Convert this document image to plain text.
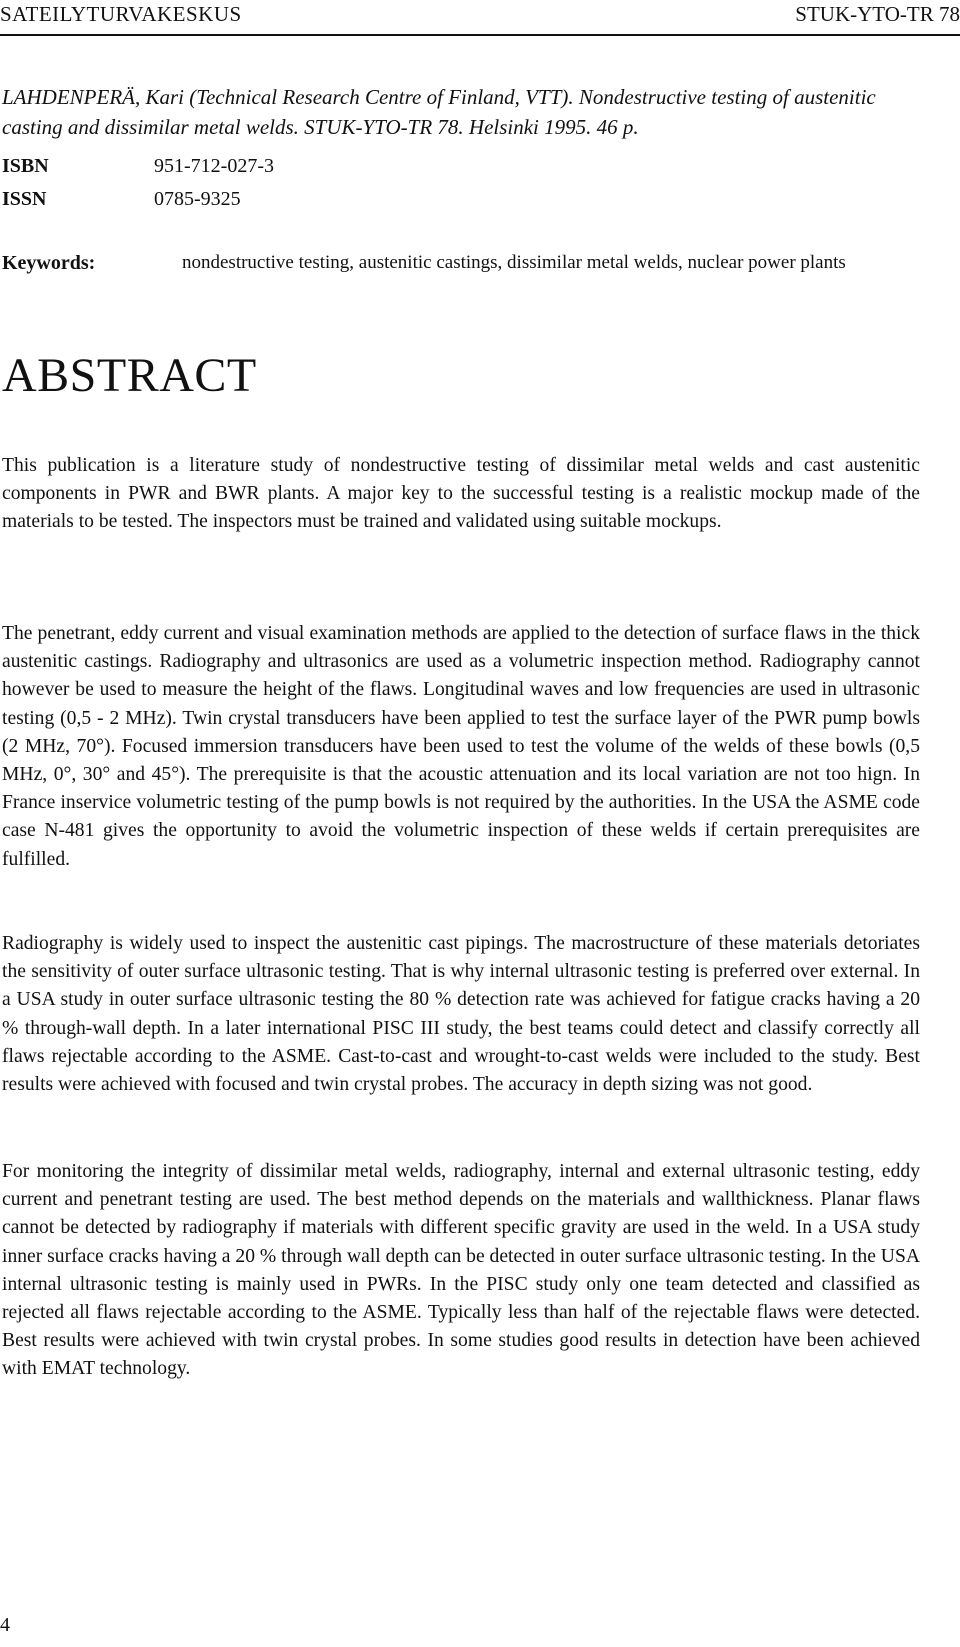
SATEILYTURVAKESKUS	STUK-YTO-TR 78
LAHDENPERÄ, Kari (Technical Research Centre of Finland, VTT). Nondestructive testing of austenitic casting and dissimilar metal welds. STUK-YTO-TR 78. Helsinki 1995. 46 p.
ISBN	951-712-027-3
ISSN	0785-9325
Keywords:	nondestructive testing, austenitic castings, dissimilar metal welds, nuclear power plants
ABSTRACT

This publication is a literature study of nondestructive testing of dissimilar metal welds and cast austenitic components in PWR and BWR plants. A major key to the successful testing is a realistic mockup made of the materials to be tested. The inspectors must be trained and validated using suitable mockups.

The penetrant, eddy current and visual examination methods are applied to the detection of surface flaws in the thick austenitic castings. Radiography and ultrasonics are used as a volumetric inspection method. Radiography cannot however be used to measure the height of the flaws. Longitudinal waves and low frequencies are used in ultrasonic testing (0,5 - 2 MHz). Twin crystal transducers have been applied to test the surface layer of the PWR pump bowls (2 MHz, 70°). Focused immersion transducers have been used to test the volume of the welds of these bowls (0,5 MHz, 0°, 30° and 45°). The prerequisite is that the acoustic attenuation and its local variation are not too hign. In France inservice volumetric testing of the pump bowls is not required by the authorities. In the USA the ASME code case N-481 gives the opportunity to avoid the volumetric inspection of these welds if certain prerequisites are fulfilled.

Radiography is widely used to inspect the austenitic cast pipings. The macrostructure of these materials detoriates the sensitivity of outer surface ultrasonic testing. That is why internal ultrasonic testing is preferred over external. In a USA study in outer surface ultrasonic testing the 80 % detection rate was achieved for fatigue cracks having a 20 % through-wall depth. In a later international PISC III study, the best teams could detect and classify correctly all flaws rejectable according to the ASME. Cast-to-cast and wrought-to-cast welds were included to the study. Best results were achieved with focused and twin crystal probes. The accuracy in depth sizing was not good.

For monitoring the integrity of dissimilar metal welds, radiography, internal and external ultrasonic testing, eddy current and penetrant testing are used. The best method depends on the materials and wallthickness. Planar flaws cannot be detected by radiography if materials with different specific gravity are used in the weld. In a USA study inner surface cracks having a 20 % through wall depth can be detected in outer surface ultrasonic testing. In the USA internal ultrasonic testing is mainly used in PWRs. In the PISC study only one team detected and classified as rejected all flaws rejectable according to the ASME. Typically less than half of the rejectable flaws were detected. Best results were achieved with twin crystal probes. In some studies good results in detection have been achieved with EMAT technology.

4
